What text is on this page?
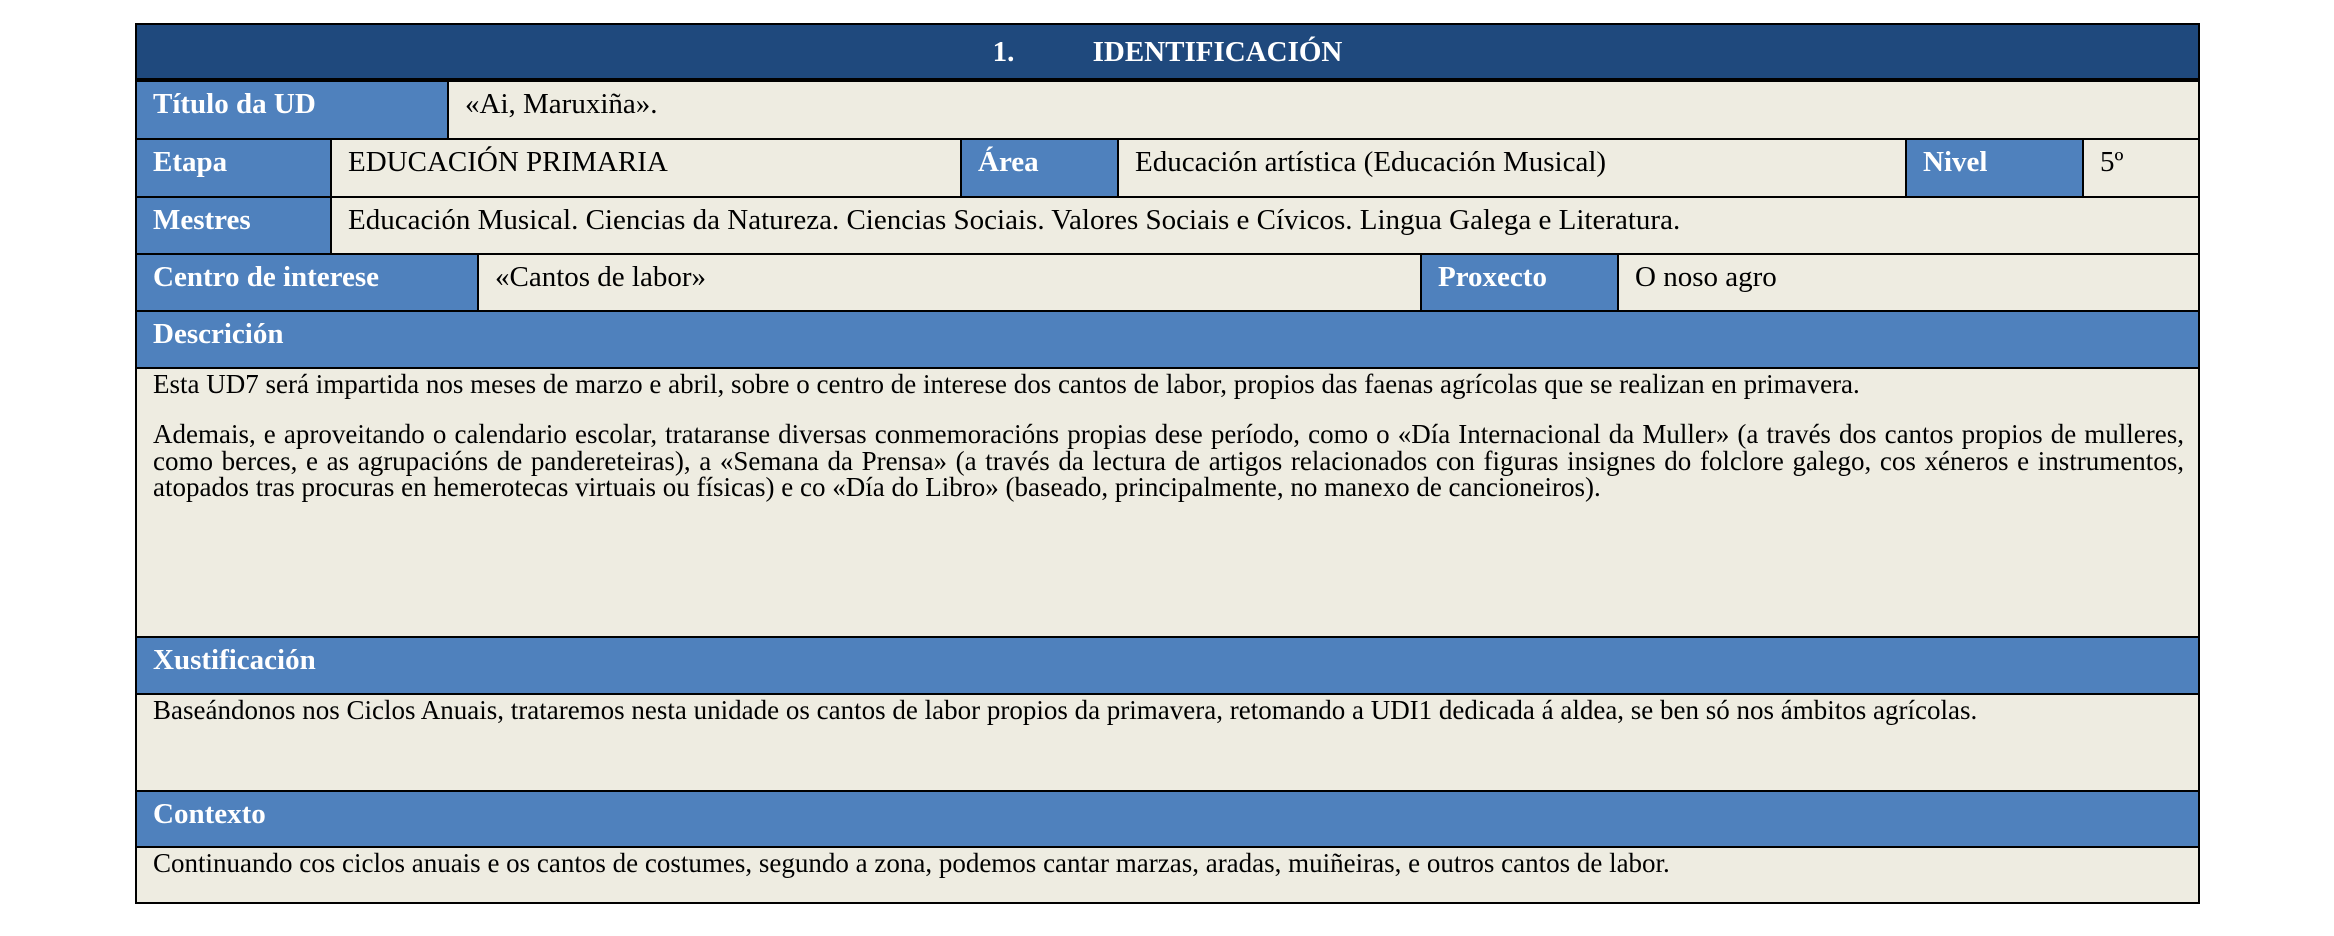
1.	IDENTIFICACIÓN
Título da UD	«Ai, Maruxiña».
Etapa	EDUCACIÓN PRIMARIA	Área	Educación artística (Educación Musical)	Nivel	5º
Mestres	Educación Musical. Ciencias da Natureza. Ciencias Sociais. Valores Sociais e Cívicos. Lingua Galega e Literatura.
Centro de interese	«Cantos de labor»	Proxecto	O noso agro
Descrición

Esta UD7 será impartida nos meses de marzo e abril, sobre o centro de interese dos cantos de labor, propios das faenas agrícolas que se realizan en primavera.

Ademais, e aproveitando o calendario escolar, trataranse diversas conmemoracións propias dese período, como o «Día Internacional da Muller» (a través dos cantos propios de mulleres, como berces, e as agrupacións de pandereteiras), a «Semana da Prensa» (a través da lectura de artigos relacionados con figuras insignes do folclore galego, cos xéneros e instrumentos, atopados tras procuras en hemerotecas virtuais ou físicas) e co «Día do Libro» (baseado, principalmente, no manexo de cancioneiros).

Xustificación

Baseándonos nos Ciclos Anuais, trataremos nesta unidade os cantos de labor propios da primavera, retomando a UDI1 dedicada á aldea, se ben só nos ámbitos agrícolas.

Contexto

Continuando cos ciclos anuais e os cantos de costumes, segundo a zona, podemos cantar marzas, aradas, muiñeiras, e outros cantos de labor.
